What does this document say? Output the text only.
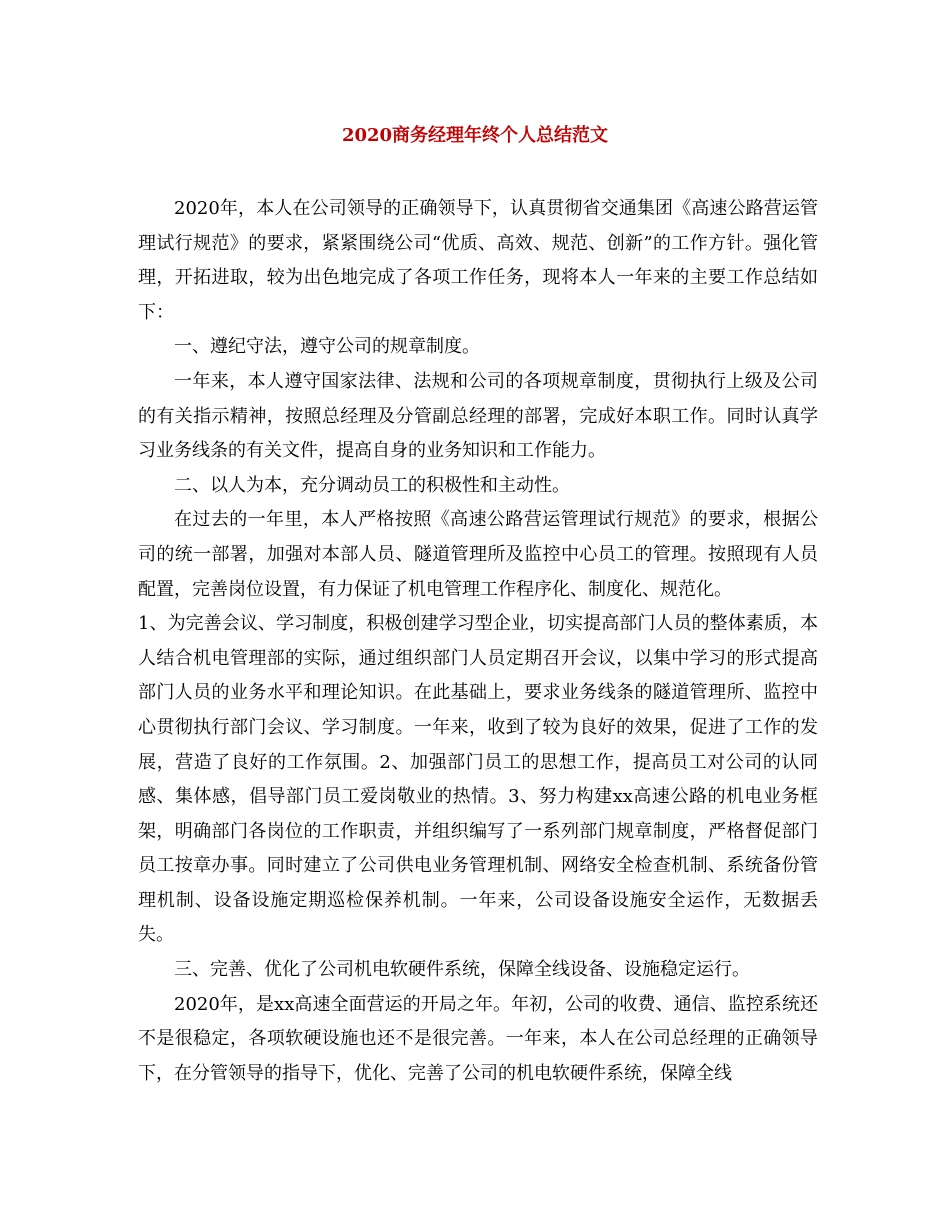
2020商务经理年终个人总结范文

2020年，本人在公司领导的正确领导下，认真贯彻省交通集团《高速公路营运管理试行规范》的要求，紧紧围绕公司“优质、高效、规范、创新”的工作方针。强化管理，开拓进取，较为出色地完成了各项工作任务，现将本人一年来的主要工作总结如下：

一、遵纪守法，遵守公司的规章制度。

一年来，本人遵守国家法律、法规和公司的各项规章制度，贯彻执行上级及公司的有关指示精神，按照总经理及分管副总经理的部署，完成好本职工作。同时认真学习业务线条的有关文件，提高自身的业务知识和工作能力。

二、以人为本，充分调动员工的积极性和主动性。

在过去的一年里，本人严格按照《高速公路营运管理试行规范》的要求，根据公司的统一部署，加强对本部人员、隧道管理所及监控中心员工的管理。按照现有人员配置，完善岗位设置，有力保证了机电管理工作程序化、制度化、规范化。

1、为完善会议、学习制度，积极创建学习型企业，切实提高部门人员的整体素质，本人结合机电管理部的实际，通过组织部门人员定期召开会议，以集中学习的形式提高部门人员的业务水平和理论知识。在此基础上，要求业务线条的隧道管理所、监控中心贯彻执行部门会议、学习制度。一年来，收到了较为良好的效果，促进了工作的发展，营造了良好的工作氛围。2、加强部门员工的思想工作，提高员工对公司的认同感、集体感，倡导部门员工爱岗敬业的热情。3、努力构建xx高速公路的机电业务框架，明确部门各岗位的工作职责，并组织编写了一系列部门规章制度，严格督促部门员工按章办事。同时建立了公司供电业务管理机制、网络安全检查机制、系统备份管理机制、设备设施定期巡检保养机制。一年来，公司设备设施安全运作，无数据丢失。

三、完善、优化了公司机电软硬件系统，保障全线设备、设施稳定运行。

2020年，是xx高速全面营运的开局之年。年初，公司的收费、通信、监控系统还不是很稳定，各项软硬设施也还不是很完善。一年来，本人在公司总经理的正确领导下，在分管领导的指导下，优化、完善了公司的机电软硬件系统，保障全线
